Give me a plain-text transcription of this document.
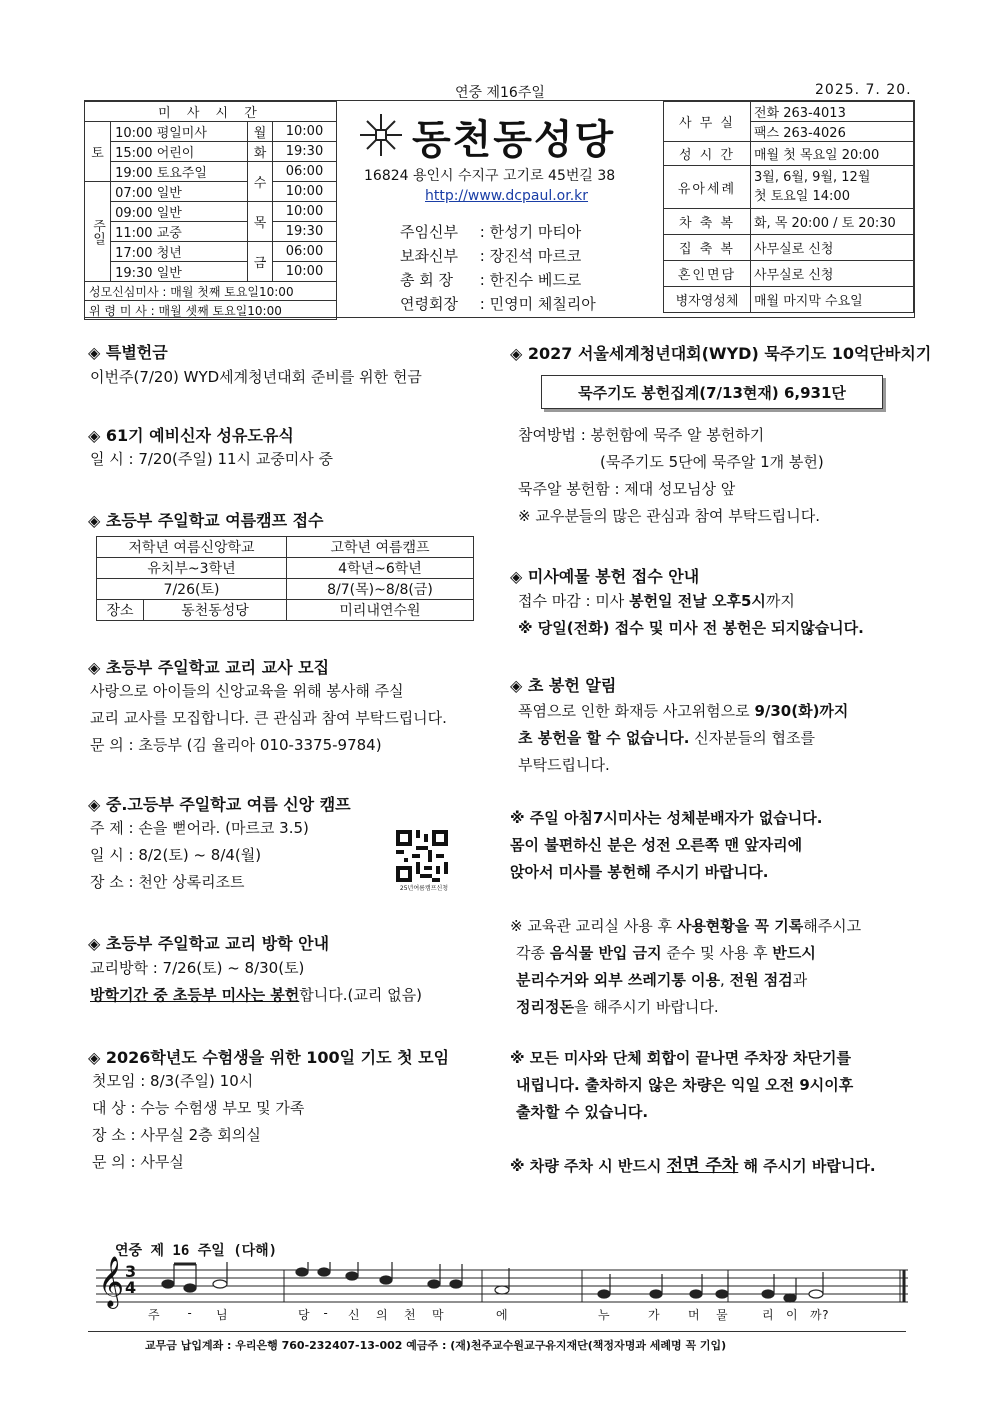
연중 제16주일	2025. 7. 20.
미 사 시 간			
토	10:00 평일미사	월	10:00
	15:00 어린이	화	19:30
	19:00 토요주일	수	06:00
주일	07:00 일반		10:00
	09:00 일반	목	10:00
	11:00 교중		19:30
	17:00 청년	금	06:00
	19:30 일반		10:00
성모신심미사 : 매월 첫째 토요일10:00			
위 령 미 사 : 매월 셋째 토요일10:00			
동천동성당
16824 용인시 수지구 고기로 45번길 38
http://www.dcpaul.or.kr
주임신부 : 한성기 마티아
보좌신부 : 장진석 마르코
총 회 장 : 한진수 베드로
연령회장 : 민영미 체칠리아
사 무 실	전화 263-4013
	팩스 263-4026
성 시 간	매월 첫 목요일 20:00
유아세례	3월, 6월, 9월, 12월
첫 토요일 14:00

차 축 복	화, 목 20:00 / 토 20:30
집 축 복	사무실로 신청
혼인면담	사무실로 신청
병자영성체	매월 마지막 수요일
◈ 특별헌금
이번주(7/20) WYD세계청년대회 준비를 위한 헌금
◈ 61기 예비신자 성유도유식
일 시 : 7/20(주일) 11시 교중미사 중
◈ 초등부 주일학교 여름캠프 접수
저학년 여름신앙학교		고학년 여름캠프
유치부~3학년		4학년~6학년
7/26(토)		8/7(목)~8/8(금)
장소	동천동성당	미리내연수원
◈ 초등부 주일학교 교리 교사 모집
사랑으로 아이들의 신앙교육을 위해 봉사해 주실
교리 교사를 모집합니다. 큰 관심과 참여 부탁드립니다.
문 의 : 초등부 (김 율리아 010-3375-9784)
◈ 중.고등부 주일학교 여름 신앙 캠프
주 제 : 손을 뻗어라. (마르코 3.5)
일 시 : 8/2(토) ~ 8/4(월)
장 소 : 천안 상록리조트	25년여름캠프신청
◈ 초등부 주일학교 교리 방학 안내
교리방학 : 7/26(토) ~ 8/30(토)
방학기간 중 초등부 미사는 봉헌합니다.(교리 없음)
◈ 2026학년도 수험생을 위한 100일 기도 첫 모임
첫모임 : 8/3(주일) 10시
대 상 : 수능 수험생 부모 및 가족
장 소 : 사무실 2층 회의실
문 의 : 사무실
◈ 2027 서울세계청년대회(WYD) 묵주기도 10억단바치기
묵주기도 봉헌집계(7/13현재) 6,931단
참여방법 : 봉헌함에 묵주 알 봉헌하기
(묵주기도 5단에 묵주알 1개 봉헌)
묵주알 봉헌함 : 제대 성모님상 앞
※ 교우분들의 많은 관심과 참여 부탁드립니다.
◈ 미사예물 봉헌 접수 안내
접수 마감 : 미사 봉헌일 전날 오후5시까지
※ 당일(전화) 접수 및 미사 전 봉헌은 되지않습니다.
◈ 초 봉헌 알림
폭염으로 인한 화재등 사고위험으로 9/30(화)까지
초 봉헌을 할 수 없습니다. 신자분들의 협조를
부탁드립니다.
※ 주일 아침7시미사는 성체분배자가 없습니다.
몸이 불편하신 분은 성전 오른쪽 맨 앞자리에
앉아서 미사를 봉헌해 주시기 바랍니다.
※ 교육관 교리실 사용 후 사용현황을 꼭 기록해주시고
각종 음식물 반입 금지 준수 및 사용 후 반드시
분리수거와 외부 쓰레기통 이용, 전원 점검과
정리정돈을 해주시기 바랍니다.
※ 모든 미사와 단체 회합이 끝나면 주차장 차단기를
내립니다. 출차하지 않은 차량은 익일 오전 9시이후
출차할 수 있습니다.
※ 차량 주차 시 반드시 전면 주차 해 주시기 바랍니다.
연중 제 16 주일 (다해)
𝄞 3
4
주 - 님	당 - 신 의 천 막	에	누	가 머 물	리 이 까?
교무금 납입계좌 : 우리은행 760-232407-13-002 예금주 : (재)천주교수원교구유지재단(책정자명과 세례명 꼭 기입)
